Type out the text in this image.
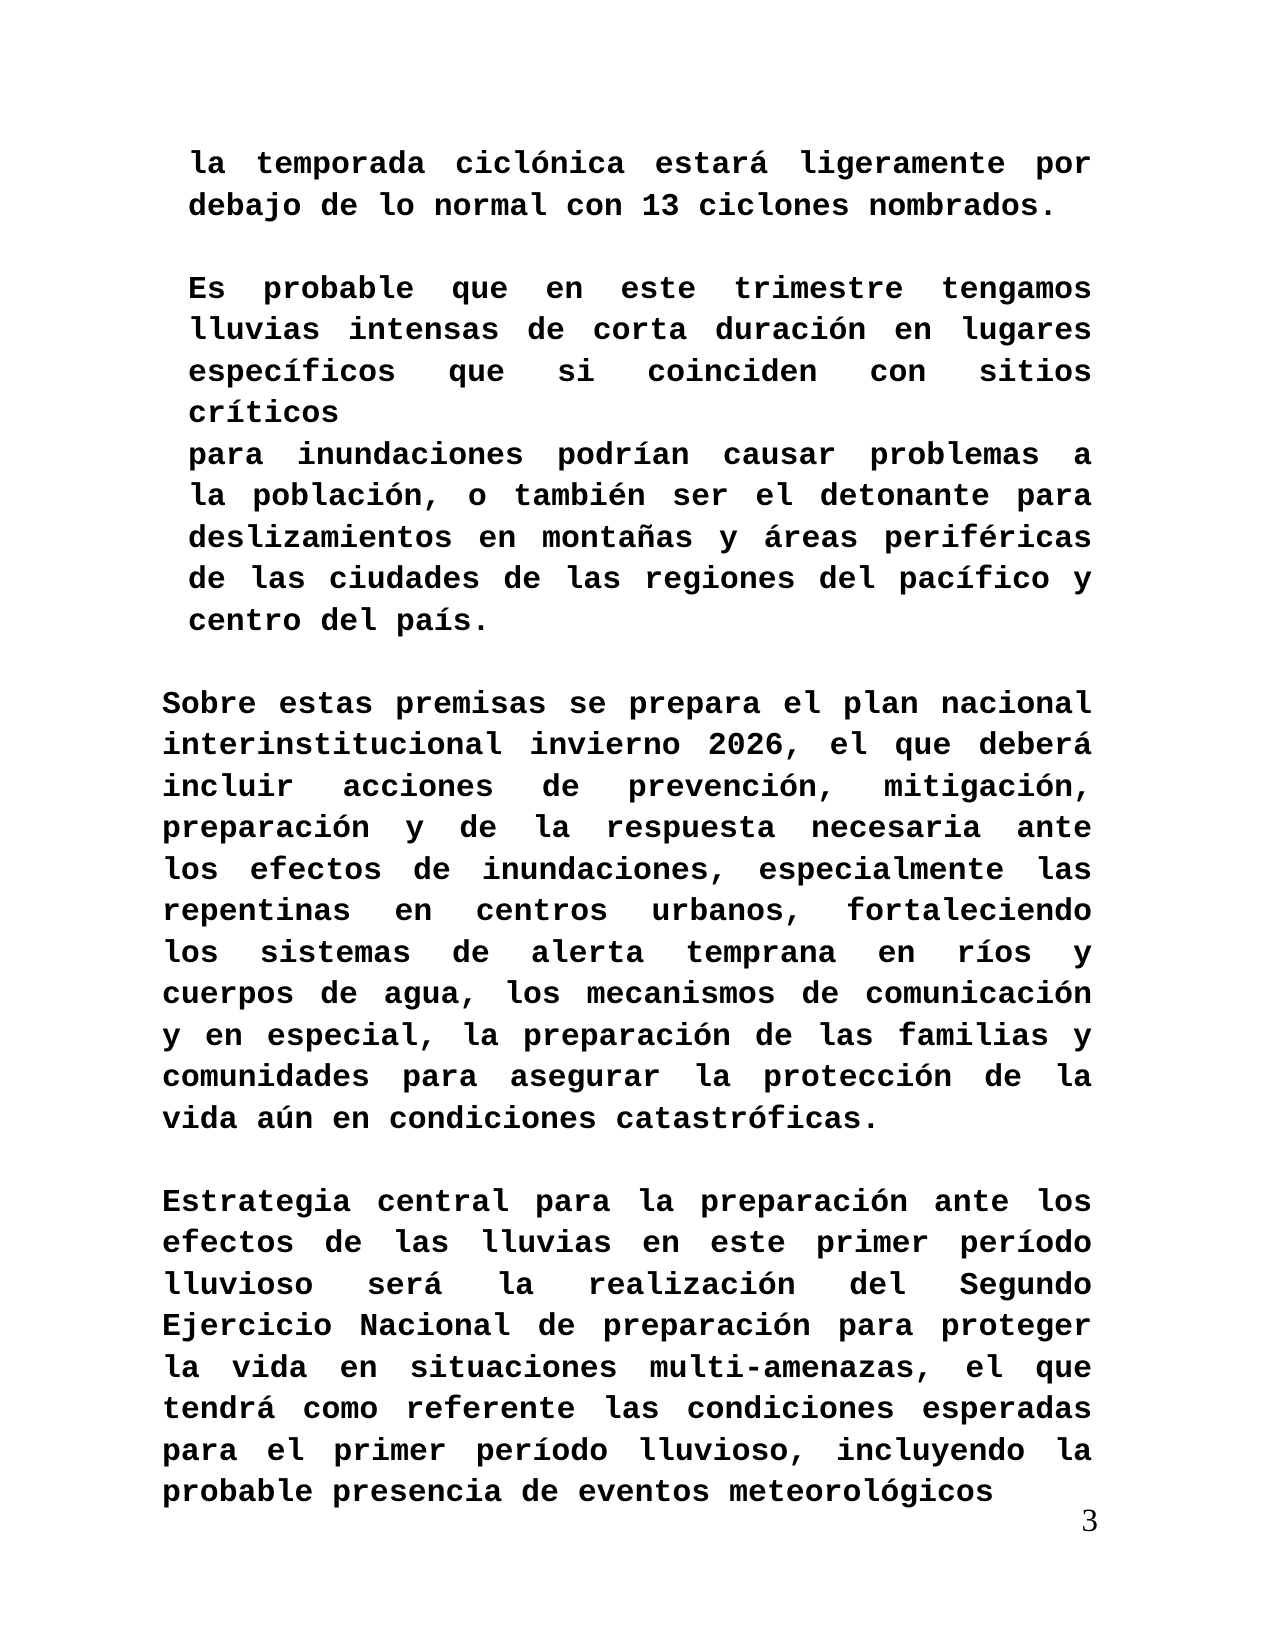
la temporada ciclónica estará ligeramente por
debajo de lo normal con 13 ciclones nombrados.
Es probable que en este trimestre tengamos
lluvias intensas de corta duración en lugares
específicos que si coinciden con sitios críticos
para inundaciones podrían causar problemas a
la población, o también ser el detonante para
deslizamientos en montañas y áreas periféricas
de las ciudades de las regiones del pacífico y
centro del país.
Sobre estas premisas se prepara el plan nacional
interinstitucional invierno 2026, el que deberá
incluir acciones de prevención, mitigación,
preparación y de la respuesta necesaria ante
los efectos de inundaciones, especialmente las
repentinas en centros urbanos, fortaleciendo
los sistemas de alerta temprana en ríos y
cuerpos de agua, los mecanismos de comunicación
y en especial, la preparación de las familias y
comunidades para asegurar la protección de la
vida aún en condiciones catastróficas.
Estrategia central para la preparación ante los
efectos de las lluvias en este primer período
lluvioso será la realización del Segundo
Ejercicio Nacional de preparación para proteger
la vida en situaciones multi-amenazas, el que
tendrá como referente las condiciones esperadas
para el primer período lluvioso, incluyendo la
probable presencia de eventos meteorológicos
3
